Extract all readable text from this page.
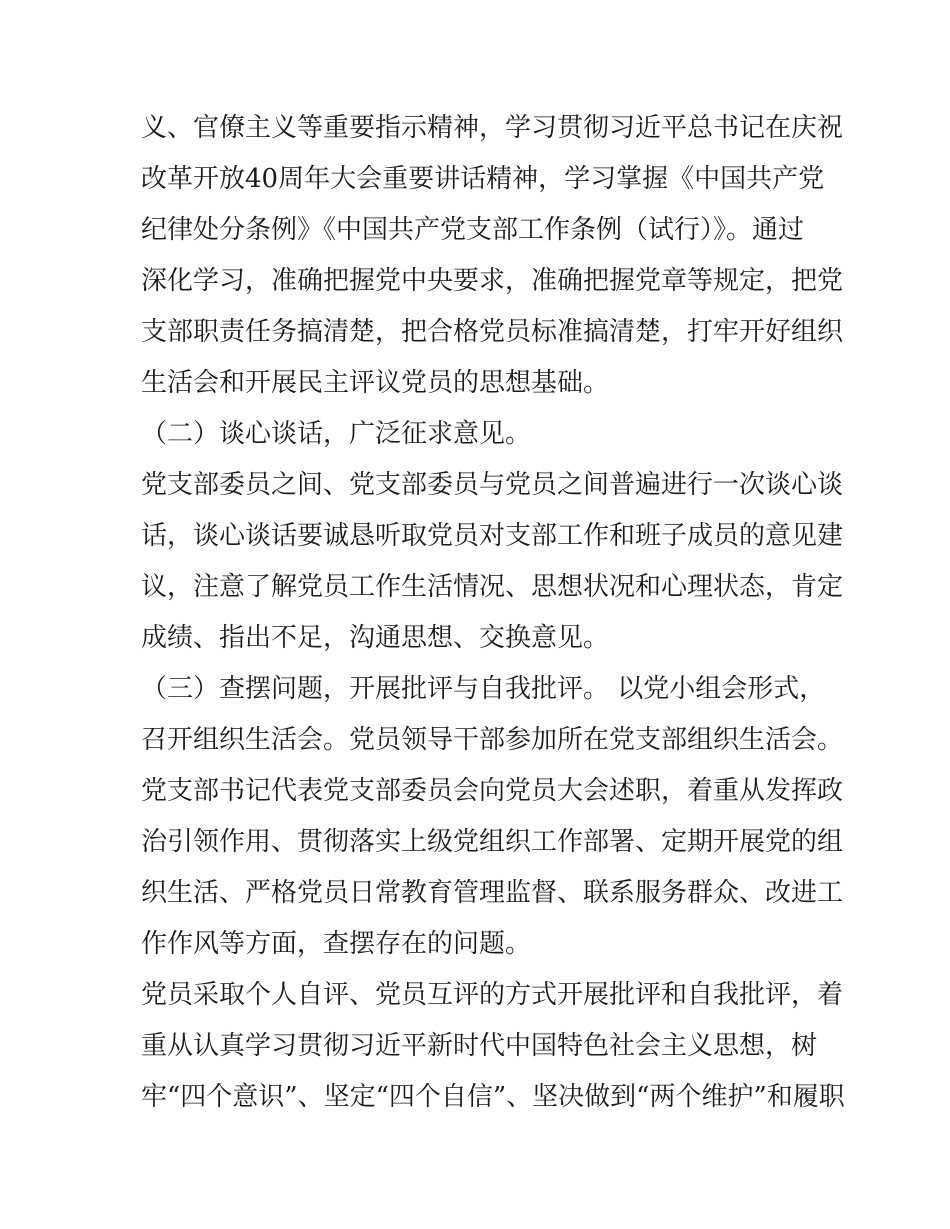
义、官僚主义等重要指示精神，学习贯彻习近平总书记在庆祝
改革开放40周年大会重要讲话精神，学习掌握《中国共产党
纪律处分条例》《中国共产党支部工作条例（试行）》。通过
深化学习，准确把握党中央要求，准确把握党章等规定，把党
支部职责任务搞清楚，把合格党员标准搞清楚，打牢开好组织
生活会和开展民主评议党员的思想基础。
（二）谈心谈话，广泛征求意见。
党支部委员之间、党支部委员与党员之间普遍进行一次谈心谈
话，谈心谈话要诚恳听取党员对支部工作和班子成员的意见建
议，注意了解党员工作生活情况、思想状况和心理状态，肯定
成绩、指出不足，沟通思想、交换意见。
（三）查摆问题，开展批评与自我批评。 以党小组会形式，
召开组织生活会。党员领导干部参加所在党支部组织生活会。
党支部书记代表党支部委员会向党员大会述职，着重从发挥政
治引领作用、贯彻落实上级党组织工作部署、定期开展党的组
织生活、严格党员日常教育管理监督、联系服务群众、改进工
作作风等方面，查摆存在的问题。
党员采取个人自评、党员互评的方式开展批评和自我批评，着
重从认真学习贯彻习近平新时代中国特色社会主义思想，树
牢“四个意识”、坚定“四个自信”、坚决做到“两个维护”和履职
